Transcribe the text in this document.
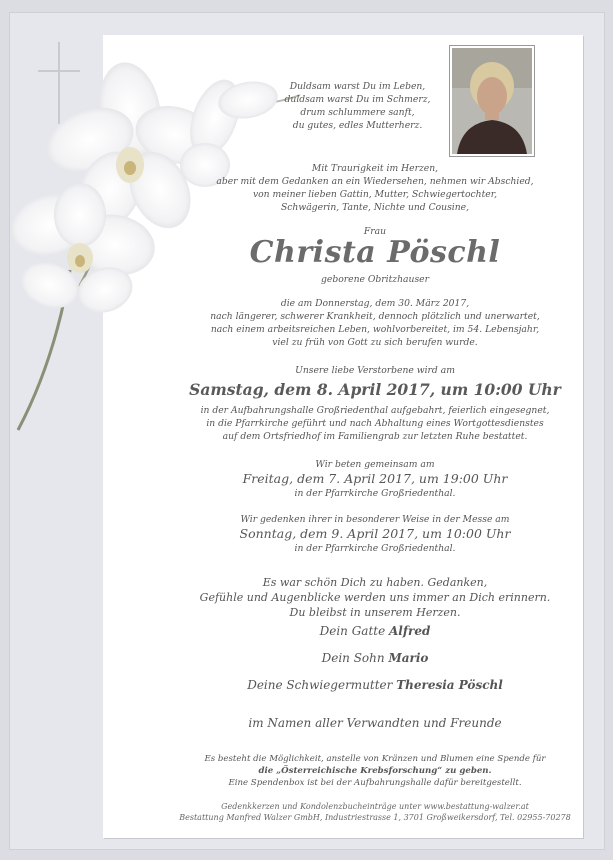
Duldsam warst Du im Leben,
duldsam warst Du im Schmerz,
drum schlummere sanft,
du gutes, edles Mutterherz.
Mit Traurigkeit im Herzen,
aber mit dem Gedanken an ein Wiedersehen, nehmen wir Abschied,
von meiner lieben Gattin, Mutter, Schwiegertochter,
Schwägerin, Tante, Nichte und Cousine,
Frau
Christa Pöschl
geborene Obritzhauser
die am Donnerstag, dem 30. März 2017,
nach längerer, schwerer Krankheit, dennoch plötzlich und unerwartet,
nach einem arbeitsreichen Leben, wohlvorbereitet, im 54. Lebensjahr,
viel zu früh von Gott zu sich berufen wurde.
Unsere liebe Verstorbene wird am
Samstag, dem 8. April 2017, um 10:00 Uhr
in der Aufbahrungshalle Großriedenthal aufgebahrt, feierlich eingesegnet,
in die Pfarrkirche geführt und nach Abhaltung eines Wortgottesdienstes
auf dem Ortsfriedhof im Familiengrab zur letzten Ruhe bestattet.
Wir beten gemeinsam am
Freitag, dem 7. April 2017, um 19:00 Uhr
in der Pfarrkirche Großriedenthal.
Wir gedenken ihrer in besonderer Weise in der Messe am
Sonntag, dem 9. April 2017, um 10:00 Uhr
in der Pfarrkirche Großriedenthal.
Es war schön Dich zu haben. Gedanken,
Gefühle und Augenblicke werden uns immer an Dich erinnern.
Du bleibst in unserem Herzen.
Dein Gatte Alfred
Dein Sohn Mario
Deine Schwiegermutter Theresia Pöschl
im Namen aller Verwandten und Freunde
Es besteht die Möglichkeit, anstelle von Kränzen und Blumen eine Spende für
die „Österreichische Krebsforschung“ zu geben.
Eine Spendenbox ist bei der Aufbahrungshalle dafür bereitgestellt.
Gedenkkerzen und Kondolenzbucheinträge unter www.bestattung-walzer.at
Bestattung Manfred Walzer GmbH, Industriestrasse 1, 3701 Großweikersdorf, Tel. 02955-70278
